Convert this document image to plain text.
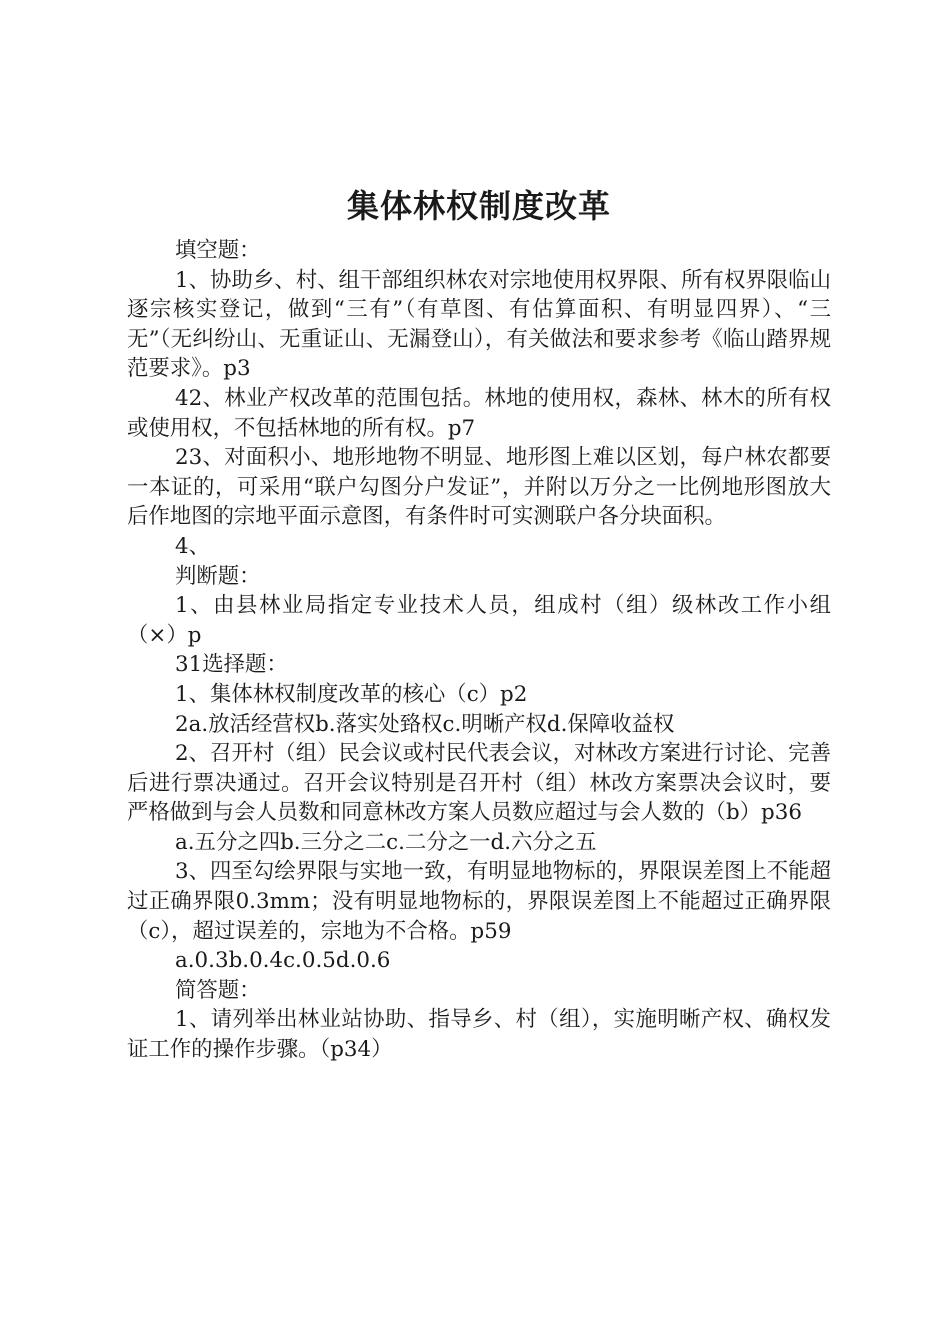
集体林权制度改革

填空题：

1、协助乡、村、组干部组织林农对宗地使用权界限、所有权界限临山逐宗核实登记，做到“三有”（有草图、有估算面积、有明显四界）、“三无”（无纠纷山、无重证山、无漏登山），有关做法和要求参考《临山踏界规范要求》。p3

42、林业产权改革的范围包括。林地的使用权，森林、林木的所有权或使用权，不包括林地的所有权。p7

23、对面积小、地形地物不明显、地形图上难以区划，每户林农都要一本证的，可采用“联户勾图分户发证”，并附以万分之一比例地形图放大后作地图的宗地平面示意图，有条件时可实测联户各分块面积。

4、

判断题：

1、由县林业局指定专业技术人员，组成村（组）级林改工作小组（×）p

31选择题：

1、集体林权制度改革的核心（c）p2

2a.放活经营权b.落实处臵权c.明晰产权d.保障收益权

2、召开村（组）民会议或村民代表会议，对林改方案进行讨论、完善后进行票决通过。召开会议特别是召开村（组）林改方案票决会议时，要严格做到与会人员数和同意林改方案人员数应超过与会人数的（b）p36

a.五分之四b.三分之二c.二分之一d.六分之五

3、四至勾绘界限与实地一致，有明显地物标的，界限误差图上不能超过正确界限0.3mm；没有明显地物标的，界限误差图上不能超过正确界限（c），超过误差的，宗地为不合格。p59

a.0.3b.0.4c.0.5d.0.6

简答题：

1、请列举出林业站协助、指导乡、村（组），实施明晰产权、确权发证工作的操作步骤。（p34）
